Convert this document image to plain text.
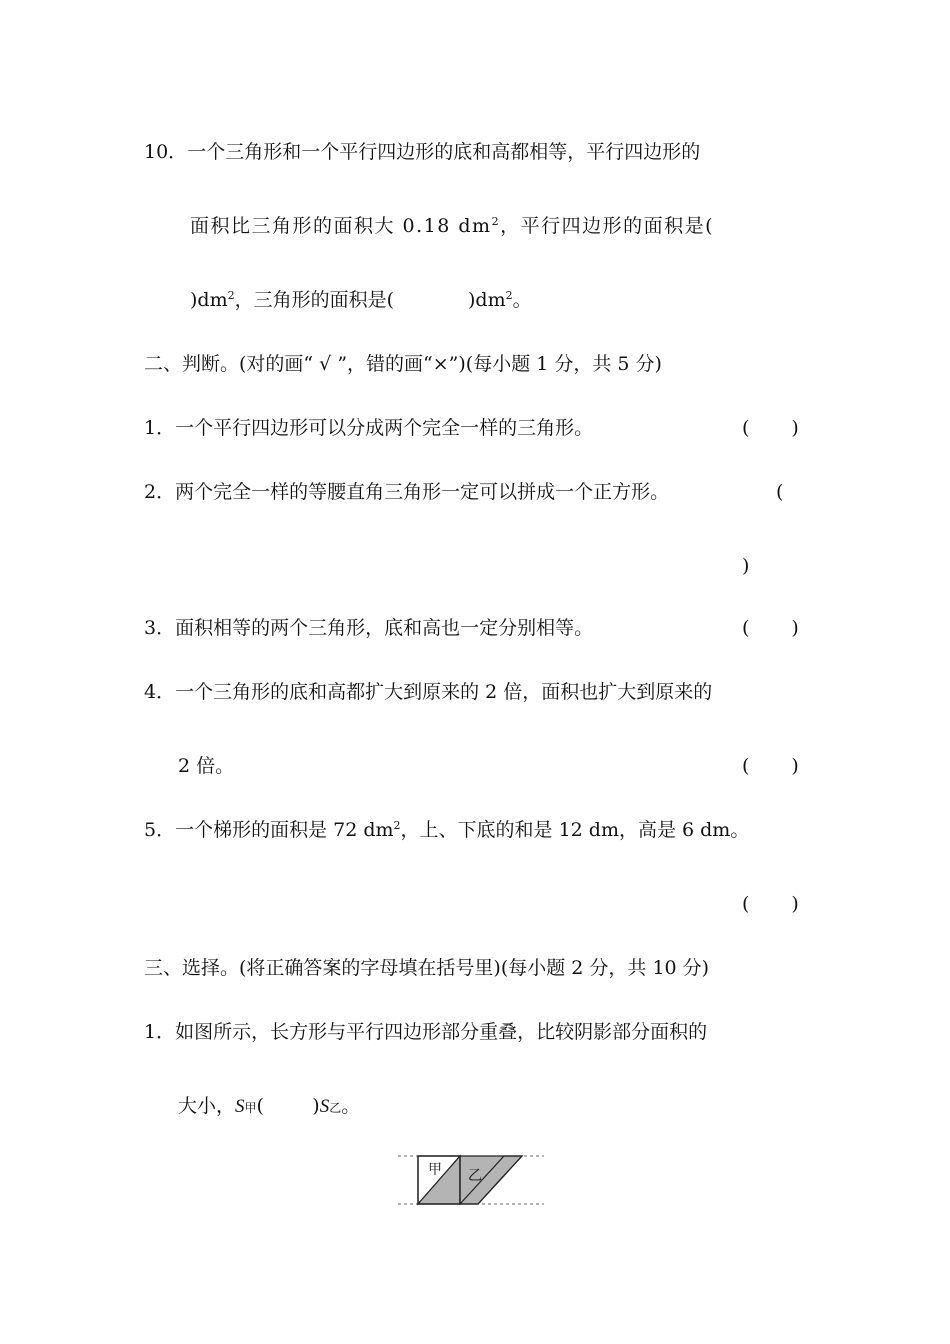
10．一个三角形和一个平行四边形的底和高都相等，平行四边形的
面积比三角形的面积大 0.18 $dm^2$，平行四边形的面积是(
)$dm^2$，三角形的面积是(	)$dm^2$。
二、判断。(对的画“ √ ”，错的画“×”)(每小题 1 分，共 5 分)
1．一个平行四边形可以分成两个完全一样的三角形。	( )
2．两个完全一样的等腰直角三角形一定可以拼成一个正方形。	(
)
3．面积相等的两个三角形，底和高也一定分别相等。	( )
4．一个三角形的底和高都扩大到原来的 2 倍，面积也扩大到原来的
2 倍。	( )
5．一个梯形的面积是 72 $dm^2$，上、下底的和是 12 dm，高是 6 dm。
( )
三、选择。(将正确答案的字母填在括号里)(每小题 2 分，共 10 分)
1．如图所示，长方形与平行四边形部分重叠，比较阴影部分面积的
大小，S甲(        )S乙。
甲 乙
